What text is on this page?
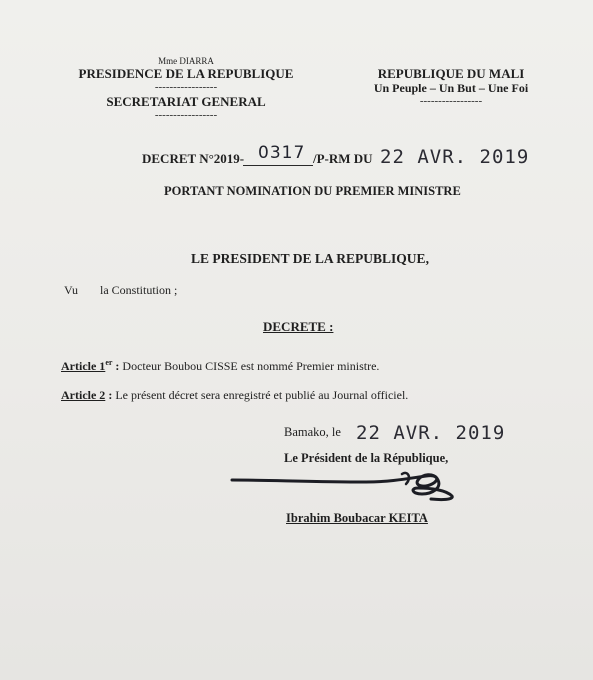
Mme DIARRA
PRESIDENCE DE LA REPUBLIQUE
-----------------
SECRETARIAT GENERAL
-----------------
REPUBLIQUE DU MALI
Un Peuple – Un But – Une Foi
-----------------
DECRET N°2019- 0317 /P-RM DU 22 AVR. 2019
PORTANT NOMINATION DU PREMIER MINISTRE
LE PRESIDENT DE LA REPUBLIQUE,
Vu la Constitution ;
DECRETE :
Article 1er : Docteur Boubou CISSE est nommé Premier ministre.
Article 2 : Le présent décret sera enregistré et publié au Journal officiel.
Bamako, le 22 AVR. 2019
Le Président de la République,
Ibrahim Boubacar KEITA
